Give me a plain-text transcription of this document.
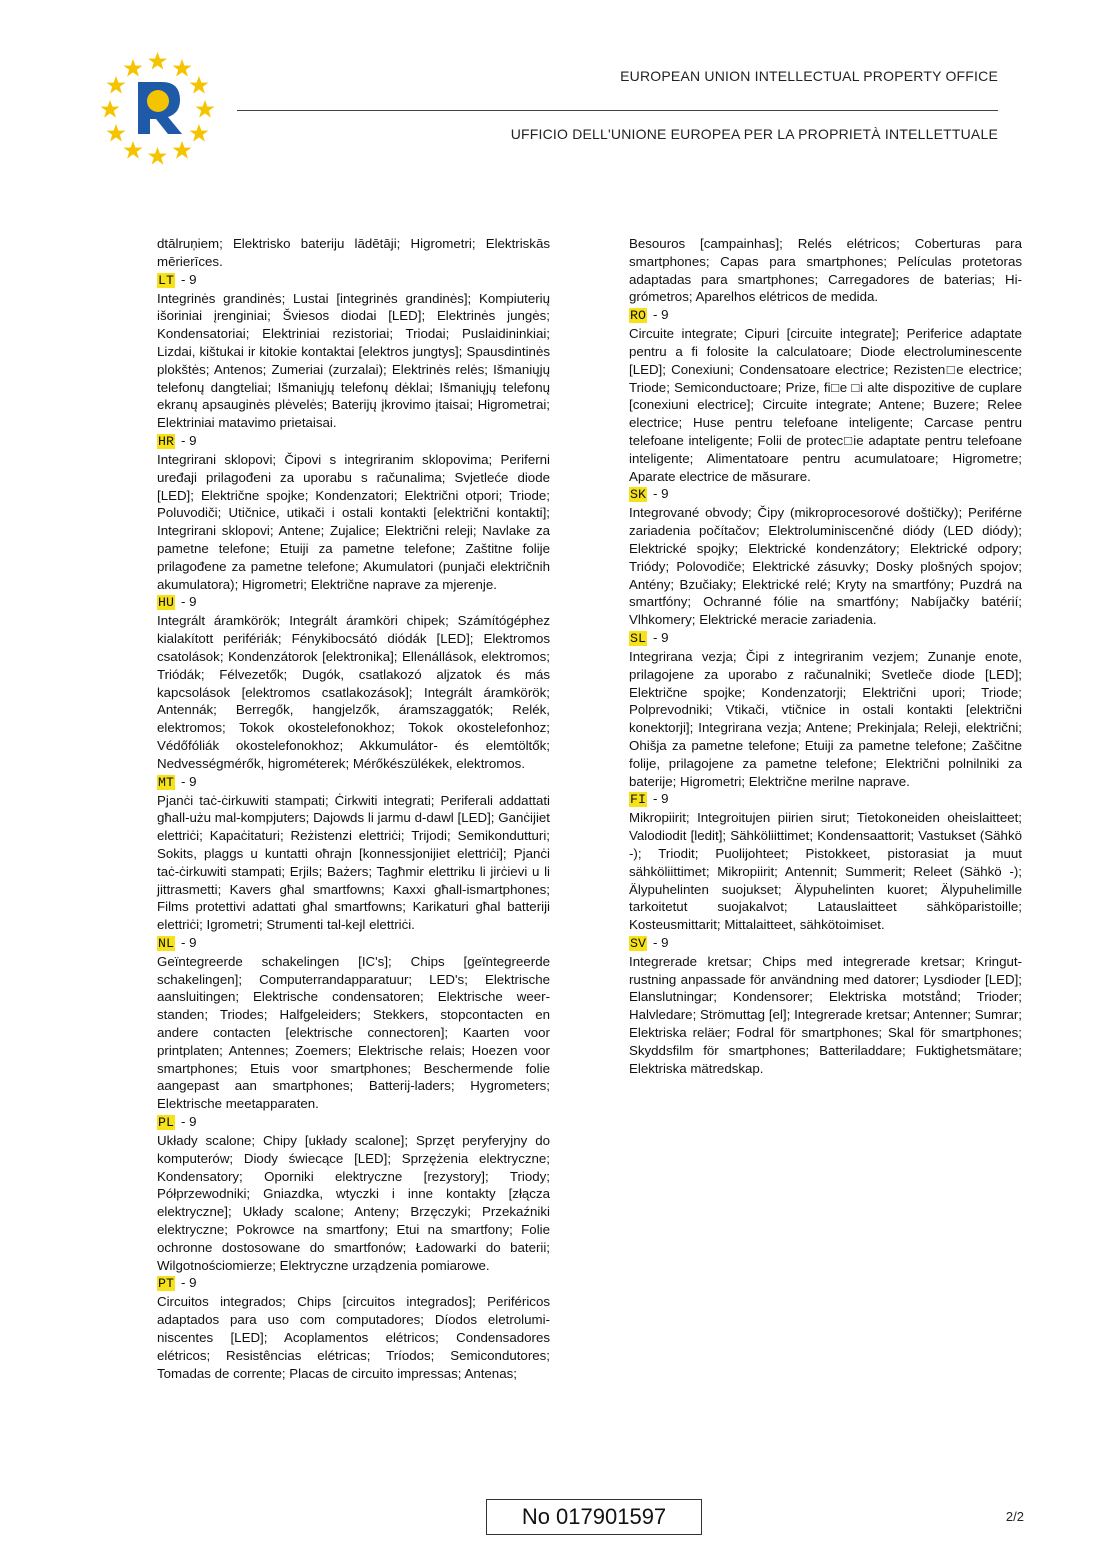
EUROPEAN UNION INTELLECTUAL PROPERTY OFFICE
UFFICIO DELL'UNIONE EUROPEA PER LA PROPRIETÀ INTELLETTUALE
dtālruņiem; Elektrisko bateriju lādētāji; Higrometri; Elektriskās mērierīces.
LT - 9
Integrinės grandinės; Lustai [integrinės grandinės]; Kompiuterių išoriniai įrenginiai; Šviesos diodai [LED]; Elektrinės jungės; Kondensatoriai; Elektriniai rezistoriai; Triodai; Puslaidininkiai; Lizdai, kištukai ir kitokie kontaktai [elektros jungtys]; Spausdintinės plokštės; Antenos; Zumeriai (zurzalai); Elektrinės relės; Išmaniųjų telefonų dangteliai; Išmaniųjų telefonų dėklai; Išmaniųjų telefonų ekranų apsauginės plėvelės; Baterijų įkrovimo įtaisai; Higrometrai; Elektriniai matavimo prietaisai.
HR - 9
Integrirani sklopovi; Čipovi s integriranim sklopovima; Periferni uređaji prilagođeni za uporabu s računalima; Svjetleće diode [LED]; Električne spojke; Kondenzatori; Električni otpori; Triode; Poluvodiči; Utičnice, utikači i ostali kontakti [električni kontakti]; Integrirani sklopovi; Antene; Zujalice; Električni releji; Navlake za pametne telefone; Etuiji za pametne telefone; Zaštitne folije prilagođene za pametne telefone; Akumulatori (punjači električnih akumulatora); Higrometri; Električne naprave za mjerenje.
HU - 9
Integrált áramkörök; Integrált áramköri chipek; Számítógéphez kialakított perifériák; Fénykibocsátó diódák [LED]; Elektromos csatolások; Kondenzátorok [elektronika]; Ellenállások, elektromos; Triódák; Félvezetők; Dugók, csatlakozó aljzatok és más kapcsolások [elektromos csatlakozások]; Integrált áramkörök; Antennák; Berregők, hangjelzők, áramszaggatók; Relék, elektromos; Tokok okostelefonokhoz; Tokok okostelefonhoz; Védőfóliák okostelefonokhoz; Akkumulátor- és elemtöltők; Nedvességmérők, higrométerek; Mérőkészülékek, elektromos.
MT - 9
Pjanċi taċ-ċirkuwiti stampati; Ċirkwiti integrati; Periferali addattati għall-użu mal-kompjuters; Dajowds li jarmu d-dawl [LED]; Ganċijiet elettriċi; Kapaċitaturi; Reżistenzi elettriċi; Trijodi; Semikondutturi; Sokits, plaggs u kuntatti oħrajn [konnessjonijiet elettriċi]; Pjanċi taċ-ċirkuwiti stampati; Erjils; Bażers; Tagħmir elettriku li jirċievi u li jittrasmetti; Kavers għal smartfowns; Kaxxi għall-ismartphones; Films protettivi adattati għal smartfowns; Karikaturi għal batteriji elettriċi; Igrometri; Strumenti tal-kejl elettriċi.
NL - 9
Geïntegreerde schakelingen [IC's]; Chips [geïntegreerde schakelingen]; Computerrandapparatuur; LED's; Elektrische aansluitingen; Elektrische condensatoren; Elektrische weerstanden; Triodes; Halfgeleiders; Stekkers, stopcontacten en andere contacten [elektrische connectoren]; Kaarten voor printplaten; Antennes; Zoemers; Elektrische relais; Hoezen voor smartphones; Etuis voor smartphones; Beschermende folie aangepast aan smartphones; Batterij-laders; Hygrometers; Elektrische meetapparaten.
PL - 9
Układy scalone; Chipy [układy scalone]; Sprzęt peryferyjny do komputerów; Diody świecące [LED]; Sprzężenia elektryczne; Kondensatory; Oporniki elektryczne [rezystory]; Triody; Półprzewodniki; Gniazdka, wtyczki i inne kontakty [złącza elektryczne]; Układy scalone; Anteny; Brzęczyki; Przekaźniki elektryczne; Pokrowce na smartfony; Etui na smartfony; Folie ochronne dostosowane do smartfonów; Ładowarki do baterii; Wilgotnościomierze; Elektryczne urządzenia pomiarowe.
PT - 9
Circuitos integrados; Chips [circuitos integrados]; Periféricos adaptados para uso com computadores; Díodos eletroluminiscentes [LED]; Acoplamentos elétricos; Condensadores elétricos; Resistências elétricas; Tríodos; Semicondutores; Tomadas de corrente; Placas de circuito impressas; Antenas;
Besouros [campainhas]; Relés elétricos; Coberturas para smartphones; Capas para smartphones; Películas protetoras adaptadas para smartphones; Carregadores de baterias; Higrómetros; Aparelhos elétricos de medida.
RO - 9
Circuite integrate; Cipuri [circuite integrate]; Periferice adaptate pentru a fi folosite la calculatoare; Diode electroluminescente [LED]; Conexiuni; Condensatoare electrice; Rezisten□e electrice; Triode; Semiconductoare; Prize, fi□e □i alte dispozitive de cuplare [conexiuni electrice]; Circuite integrate; Antene; Buzere; Relee electrice; Huse pentru telefoane inteligente; Carcase pentru telefoane inteligente; Folii de protec□ie adaptate pentru telefoane inteligente; Alimentatoare pentru acumulatoare; Higrometre; Aparate electrice de măsurare.
SK - 9
Integrované obvody; Čipy (mikroprocesorové doštičky); Periférne zariadenia počítačov; Elektroluminiscenčné diódy (LED diódy); Elektrické spojky; Elektrické kondenzátory; Elektrické odpory; Triódy; Polovodiče; Elektrické zásuvky; Dosky plošných spojov; Antény; Bzučiaky; Elektrické relé; Kryty na smartfóny; Puzdrá na smartfóny; Ochranné fólie na smartfóny; Nabíjačky batérií; Vlhkomery; Elektrické meracie zariadenia.
SL - 9
Integrirana vezja; Čipi z integriranim vezjem; Zunanje enote, prilagojene za uporabo z računalniki; Svetleče diode [LED]; Električne spojke; Kondenzatorji; Električni upori; Triode; Polprevodniki; Vtikači, vtičnice in ostali kontakti [električni konektorji]; Integrirana vezja; Antene; Prekinjala; Releji, električni; Ohišja za pametne telefone; Etuiji za pametne telefone; Zaščitne folije, prilagojene za pametne telefone; Električni polnilniki za baterije; Higrometri; Električne merilne naprave.
FI - 9
Mikropiirit; Integroitujen piirien sirut; Tietokoneiden oheislaitteet; Valodiodit [ledit]; Sähköliittimet; Kondensaattorit; Vastukset (Sähkö -); Triodit; Puolijohteet; Pistokkeet, pistorasiat ja muut sähköliittimet; Mikropiirit; Antennit; Summerit; Releet (Sähkö -); Älypuhelinten suojukset; Älypuhelinten kuoret; Älypuhelimille tarkoitetut suojakalvot; Latauslaitteet sähköparistoille; Kosteusmittarit; Mittalaitteet, sähkötoimiset.
SV - 9
Integrerade kretsar; Chips med integrerade kretsar; Kringutrustning anpassade för användning med datorer; Lysdioder [LED]; Elanslutningar; Kondensorer; Elektriska motstånd; Trioder; Halvledare; Strömuttag [el]; Integrerade kretsar; Antenner; Sumrar; Elektriska reläer; Fodral för smartphones; Skal för smartphones; Skyddsfilm för smartphones; Batteriladdare; Fuktighetsmätare; Elektriska mätredskap.
No 017901597	2/2
